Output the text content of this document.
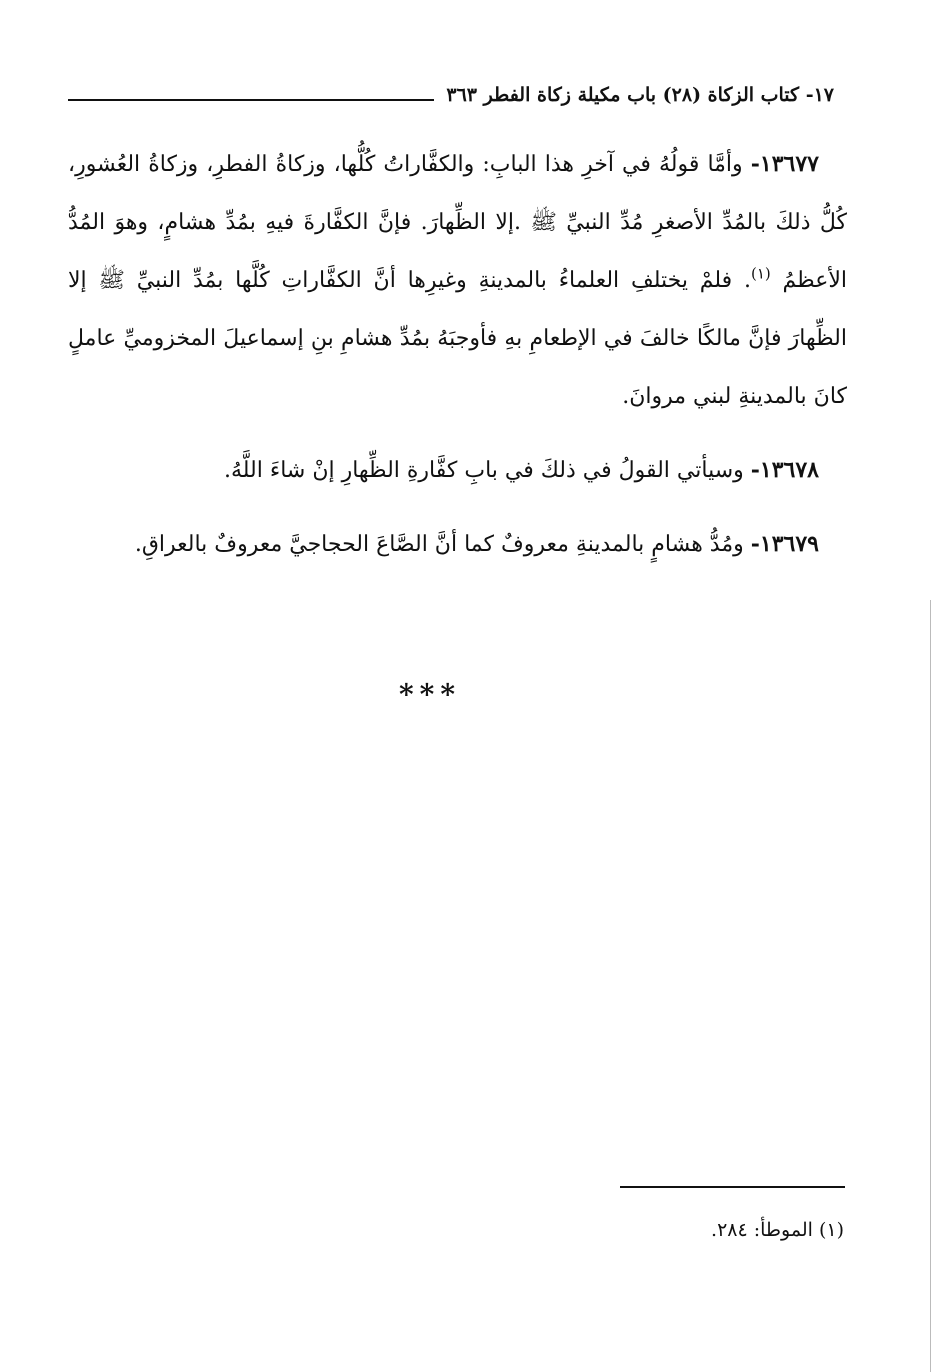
١٧- كتاب الزكاة (٢٨) باب مكيلة زكاة الفطر ٣٦٣

١٣٦٧٧- وأمَّا قولُهُ في آخرِ هذا البابِ: والكفَّاراتُ كُلُّها، وزكاةُ الفطرِ، وزكاةُ العُشورِ، كُلُّ ذلكَ بالمُدِّ الأصغرِ مُدِّ النبيِّ ﷺ .إلا الظِّهارَ. فإنَّ الكفَّارةَ فيهِ بمُدِّ هشامٍ، وهوَ المُدُّ الأعظمُ $^{(١)}$. فلمْ يختلفِ العلماءُ بالمدينةِ وغيرِها أنَّ الكفَّاراتِ كُلَّها بمُدِّ النبيِّ ﷺ إلا الظِّهارَ فإنَّ مالكًا خالفَ في الإطعامِ بهِ فأوجبَهُ بمُدِّ هشامِ بنِ إسماعيلَ المخزوميِّ عاملٍ كانَ بالمدينةِ لبني مروانَ.

١٣٦٧٨- وسيأتي القولُ في ذلكَ في بابِ كفَّارةِ الظِّهارِ إنْ شاءَ اللَّهُ.

١٣٦٧٩- ومُدُّ هشامٍ بالمدينةِ معروفٌ كما أنَّ الصَّاعَ الحجاجيَّ معروفٌ بالعراقِ.

***
(١) الموطأ: ٢٨٤.
